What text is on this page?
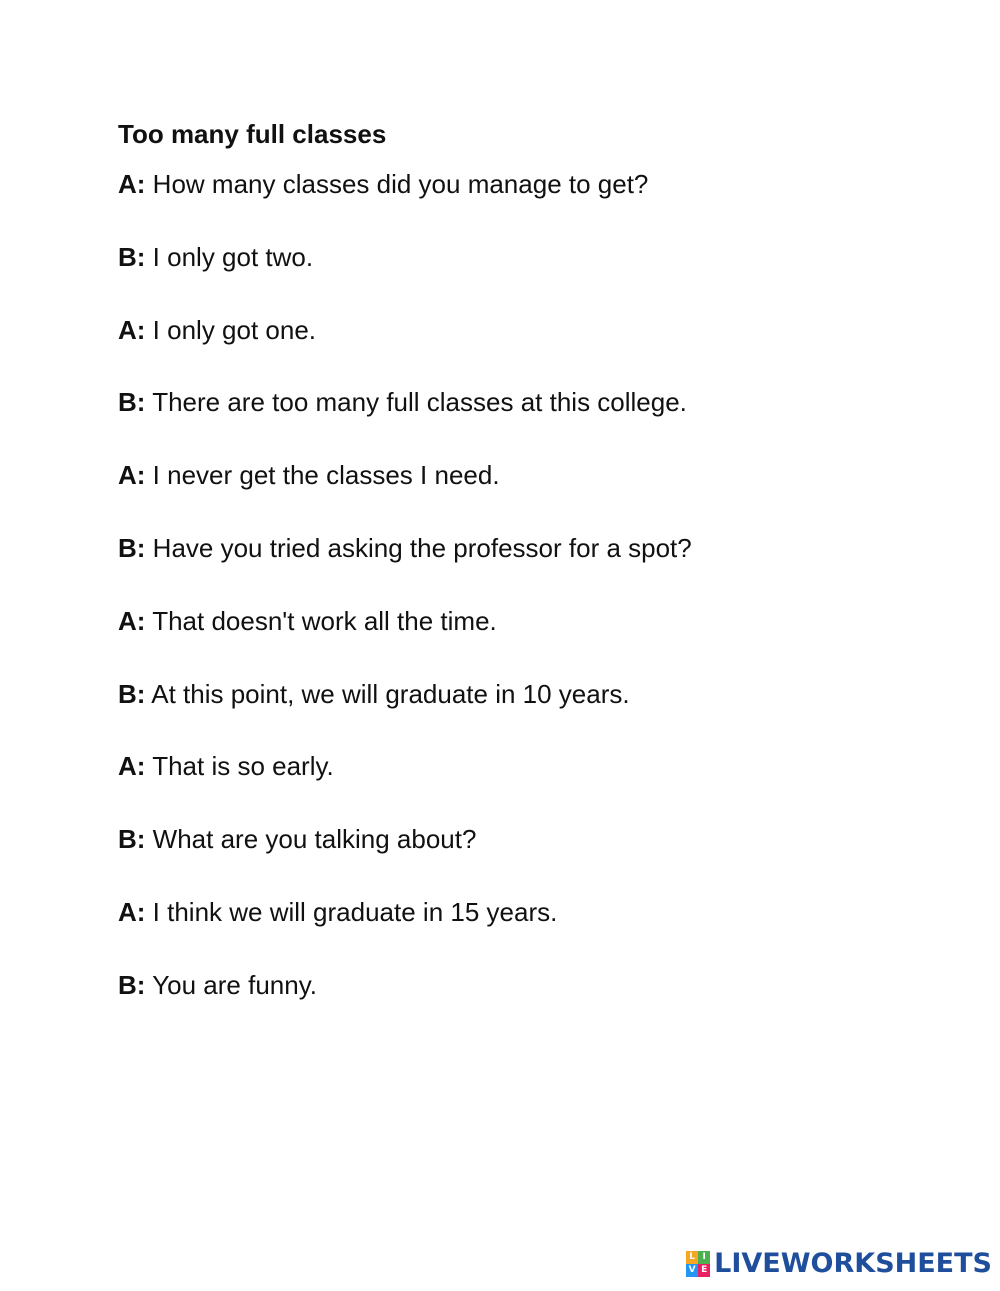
Too many full classes
A: How many classes did you manage to get?
B: I only got two.
A: I only got one.
B: There are too many full classes at this college.
A: I never get the classes I need.
B: Have you tried asking the professor for a spot?
A: That doesn't work all the time.
B: At this point, we will graduate in 10 years.
A: That is so early.
B: What are you talking about?
A: I think we will graduate in 15 years.
B: You are funny.
L I
V E LIVEWORKSHEETS
